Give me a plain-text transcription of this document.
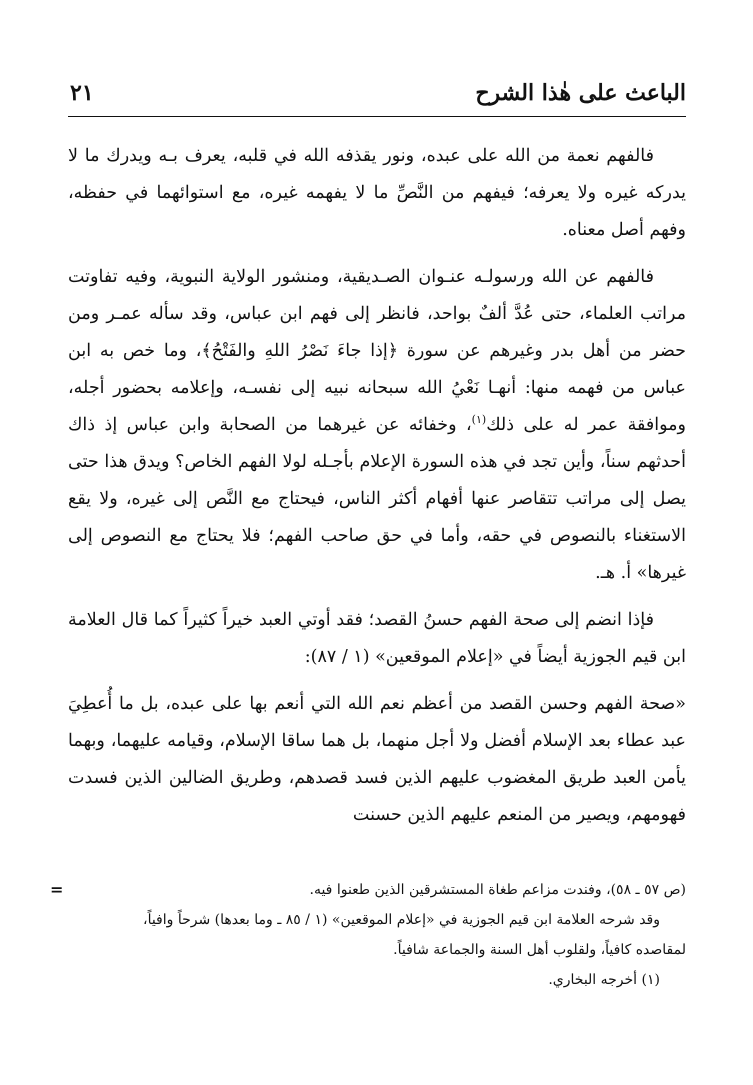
٢١	الباعث على هٰذا الشرح

فالفهم نعمة من الله على عبده، ونور يقذفه الله في قلبه، يعرف بـه ويدرك ما لا يدركه غيره ولا يعرفه؛ فيفهم من النَّصِّ ما لا يفهمه غيره، مع استوائهما في حفظه، وفهم أصل معناه.

فالفهم عن الله ورسولـه عنـوان الصـديقية، ومنشور الولاية النبوية، وفيه تفاوتت مراتب العلماء، حتى عُدَّ ألفٌ بواحد، فانظر إلى فهم ابن عباس، وقد سأله عمـر ومن حضر من أهل بدر وغيرهم عن سورة ﴿إذا جاءَ نَصْرُ اللهِ والفَتْحُ﴾، وما خص به ابن عباس من فهمه منها: أنهـا نَعْيُ الله سبحانه نبيه إلى نفسـه، وإعلامه بحضور أجله، وموافقة عمر له على ذلك$^{(١)}$، وخفائه عن غيرهما من الصحابة وابن عباس إذ ذاك أحدثهم سناً، وأين تجد في هذه السورة الإعلام بأجـله لولا الفهم الخاص؟ ويدق هذا حتى يصل إلى مراتب تتقاصر عنها أفهام أكثر الناس، فيحتاج مع النَّص إلى غيره، ولا يقع الاستغناء بالنصوص في حقه، وأما في حق صاحب الفهم؛ فلا يحتاج مع النصوص إلى غيرها» أ. هـ.

فإذا انضم إلى صحة الفهم حسنُ القصد؛ فقد أوتي العبد خيراً كثيراً كما قال العلامة ابن قيم الجوزية أيضاً في «إعلام الموقعين» (١ / ٨٧):

«صحة الفهم وحسن القصد من أعظم نعم الله التي أنعم بها على عبده، بل ما أُعطِيَ عبد عطاء بعد الإسلام أفضل ولا أجل منهما، بل هما ساقا الإسلام، وقيامه عليهما، وبهما يأمن العبد طريق المغضوب عليهم الذين فسد قصدهم، وطريق الضالين الذين فسدت فهومهم، ويصير من المنعم عليهم الذين حسنت

=	(ص ٥٧ ـ ٥٨)، وفندت مزاعم طغاة المستشرقين الذين طعنوا فيه.

وقد شرحه العلامة ابن قيم الجوزية في «إعلام الموقعين» (١ / ٨٥ ـ وما بعدها) شرحاً وافياً،

لمقاصده كافياً، ولقلوب أهل السنة والجماعة شافياً.

(١) أخرجه البخاري.
